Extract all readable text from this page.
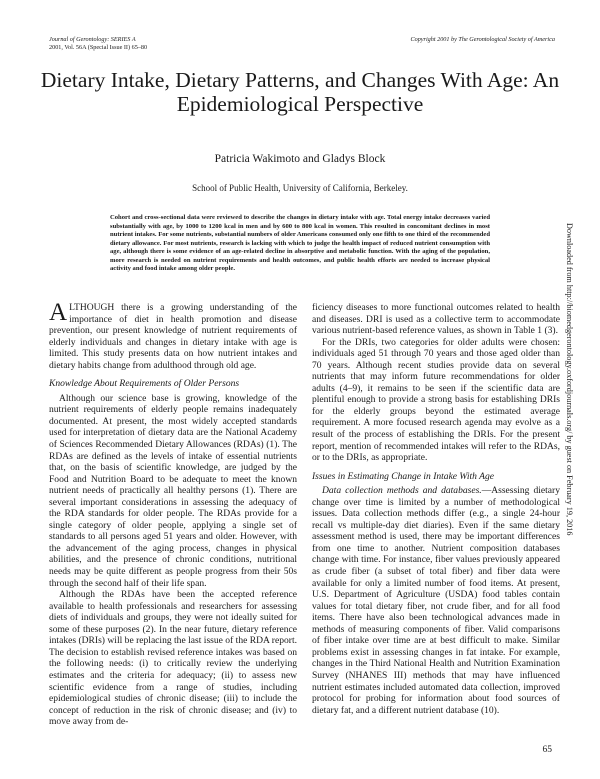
Journal of Gerontology: SERIES A
2001, Vol. 56A (Special Issue II) 65–80
Copyright 2001 by The Gerontological Society of America
Dietary Intake, Dietary Patterns, and Changes With Age: An Epidemiological Perspective
Patricia Wakimoto and Gladys Block
School of Public Health, University of California, Berkeley.
Cohort and cross-sectional data were reviewed to describe the changes in dietary intake with age. Total energy intake decreases varied substantially with age, by 1000 to 1200 kcal in men and by 600 to 800 kcal in women. This resulted in concomitant declines in most nutrient intakes. For some nutrients, substantial numbers of older Americans consumed only one fifth to one third of the recommended dietary allowance. For most nutrients, research is lacking with which to judge the health impact of reduced nutrient consumption with age, although there is some evidence of an age-related decline in absorptive and metabolic function. With the aging of the population, more research is needed on nutrient requirements and health outcomes, and public health efforts are needed to increase physical activity and food intake among older people.	Downloaded from http://biomedgerontology.oxfordjournals.org/ by guest on February 19, 2016

ALTHOUGH there is a growing understanding of the importance of diet in health promotion and disease prevention, our present knowledge of nutrient requirements of elderly individuals and changes in dietary intake with age is limited. This study presents data on how nutrient intakes and dietary habits change from adulthood through old age.

Knowledge About Requirements of Older Persons

Although our science base is growing, knowledge of the nutrient requirements of elderly people remains inadequately documented. At present, the most widely accepted standards used for interpretation of dietary data are the National Academy of Sciences Recommended Dietary Allowances (RDAs) (1). The RDAs are defined as the levels of intake of essential nutrients that, on the basis of scientific knowledge, are judged by the Food and Nutrition Board to be adequate to meet the known nutrient needs of practically all healthy persons (1). There are several important considerations in assessing the adequacy of the RDA standards for older people. The RDAs provide for a single category of older people, applying a single set of standards to all persons aged 51 years and older. However, with the advancement of the aging process, changes in physical abilities, and the presence of chronic conditions, nutritional needs may be quite different as people progress from their 50s through the second half of their life span.

Although the RDAs have been the accepted reference available to health professionals and researchers for assessing diets of individuals and groups, they were not ideally suited for some of these purposes (2). In the near future, dietary reference intakes (DRIs) will be replacing the last issue of the RDA report. The decision to establish revised reference intakes was based on the following needs: (i) to critically review the underlying estimates and the criteria for adequacy; (ii) to assess new scientific evidence from a range of studies, including epidemiological studies of chronic disease; (iii) to include the concept of reduction in the risk of chronic disease; and (iv) to move away from de-

ficiency diseases to more functional outcomes related to health and diseases. DRI is used as a collective term to accommodate various nutrient-based reference values, as shown in Table 1 (3).

For the DRIs, two categories for older adults were chosen: individuals aged 51 through 70 years and those aged older than 70 years. Although recent studies provide data on several nutrients that may inform future recommendations for older adults (4–9), it remains to be seen if the scientific data are plentiful enough to provide a strong basis for establishing DRIs for the elderly groups beyond the estimated average requirement. A more focused research agenda may evolve as a result of the process of establishing the DRIs. For the present report, mention of recommended intakes will refer to the RDAs, or to the DRIs, as appropriate.

Issues in Estimating Change in Intake With Age

Data collection methods and databases.—Assessing dietary change over time is limited by a number of methodological issues. Data collection methods differ (e.g., a single 24-hour recall vs multiple-day diet diaries). Even if the same dietary assessment method is used, there may be important differences from one time to another. Nutrient composition databases change with time. For instance, fiber values previously appeared as crude fiber (a subset of total fiber) and fiber data were available for only a limited number of food items. At present, U.S. Department of Agriculture (USDA) food tables contain values for total dietary fiber, not crude fiber, and for all food items. There have also been technological advances made in methods of measuring components of fiber. Valid comparisons of fiber intake over time are at best difficult to make. Similar problems exist in assessing changes in fat intake. For example, changes in the Third National Health and Nutrition Examination Survey (NHANES III) methods that may have influenced nutrient estimates included automated data collection, improved protocol for probing for information about food sources of dietary fat, and a different nutrient database (10).

65
